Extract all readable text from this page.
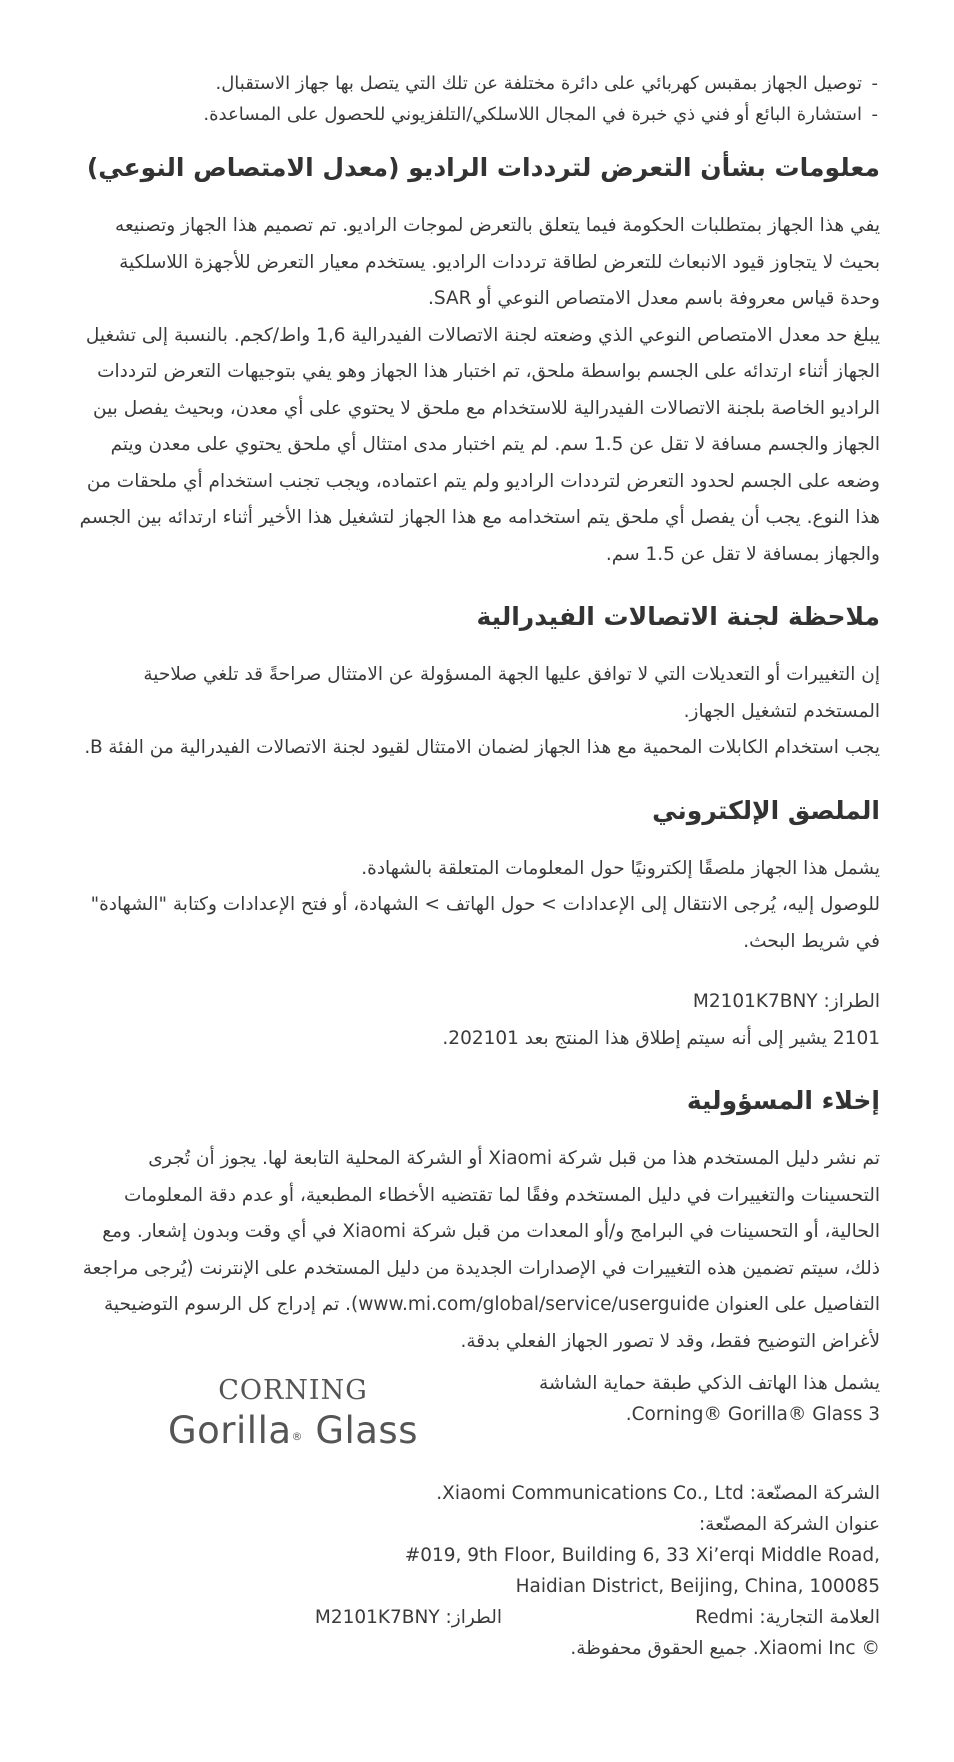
- توصيل الجهاز بمقبس كهربائي على دائرة مختلفة عن تلك التي يتصل بها جهاز الاستقبال.
- استشارة البائع أو فني ذي خبرة في المجال اللاسلكي/التلفزيوني للحصول على المساعدة.
معلومات بشأن التعرض لترددات الراديو (معدل الامتصاص النوعي)

يفي هذا الجهاز بمتطلبات الحكومة فيما يتعلق بالتعرض لموجات الراديو. تم تصميم هذا الجهاز وتصنيعه بحيث لا يتجاوز قيود الانبعاث للتعرض لطاقة ترددات الراديو. يستخدم معيار التعرض للأجهزة اللاسلكية وحدة قياس معروفة باسم معدل الامتصاص النوعي أو SAR.

يبلغ حد معدل الامتصاص النوعي الذي وضعته لجنة الاتصالات الفيدرالية 1,6 واط/كجم. بالنسبة إلى تشغيل الجهاز أثناء ارتدائه على الجسم بواسطة ملحق، تم اختبار هذا الجهاز وهو يفي بتوجيهات التعرض لترددات الراديو الخاصة بلجنة الاتصالات الفيدرالية للاستخدام مع ملحق لا يحتوي على أي معدن، وبحيث يفصل بين الجهاز والجسم مسافة لا تقل عن 1.5 سم. لم يتم اختبار مدى امتثال أي ملحق يحتوي على معدن ويتم وضعه على الجسم لحدود التعرض لترددات الراديو ولم يتم اعتماده، ويجب تجنب استخدام أي ملحقات من هذا النوع. يجب أن يفصل أي ملحق يتم استخدامه مع هذا الجهاز لتشغيل هذا الأخير أثناء ارتدائه بين الجسم والجهاز بمسافة لا تقل عن 1.5 سم.

ملاحظة لجنة الاتصالات الفيدرالية

إن التغييرات أو التعديلات التي لا توافق عليها الجهة المسؤولة عن الامتثال صراحةً قد تلغي صلاحية المستخدم لتشغيل الجهاز.

يجب استخدام الكابلات المحمية مع هذا الجهاز لضمان الامتثال لقيود لجنة الاتصالات الفيدرالية من الفئة B.

الملصق الإلكتروني

يشمل هذا الجهاز ملصقًا إلكترونيًا حول المعلومات المتعلقة بالشهادة.

للوصول إليه، يُرجى الانتقال إلى الإعدادات > حول الهاتف > الشهادة، أو فتح الإعدادات وكتابة "الشهادة" في شريط البحث.

الطراز: M2101K7BNY

2101 يشير إلى أنه سيتم إطلاق هذا المنتج بعد 202101.

إخلاء المسؤولية

تم نشر دليل المستخدم هذا من قبل شركة Xiaomi أو الشركة المحلية التابعة لها. يجوز أن تُجرى التحسينات والتغييرات في دليل المستخدم وفقًا لما تقتضيه الأخطاء المطبعية، أو عدم دقة المعلومات الحالية، أو التحسينات في البرامج و/أو المعدات من قبل شركة Xiaomi في أي وقت وبدون إشعار. ومع ذلك، سيتم تضمين هذه التغييرات في الإصدارات الجديدة من دليل المستخدم على الإنترنت (يُرجى مراجعة التفاصيل على العنوان www.mi.com/global/service/userguide). تم إدراج كل الرسوم التوضيحية لأغراض التوضيح فقط، وقد لا تصور الجهاز الفعلي بدقة.

يشمل هذا الهاتف الذكي طبقة حماية الشاشة
Corning® Gorilla® Glass 3.
CORNING
Gorilla® Glass

الشركة المصنّعة: Xiaomi Communications Co., Ltd.

عنوان الشركة المصنّعة:

#019, 9th Floor, Building 6, 33 Xi’erqi Middle Road,

Haidian District, Beijing, China, 100085

العلامة التجارية: Redmi
الطراز: M2101K7BNY

© Xiaomi Inc. جميع الحقوق محفوظة.
